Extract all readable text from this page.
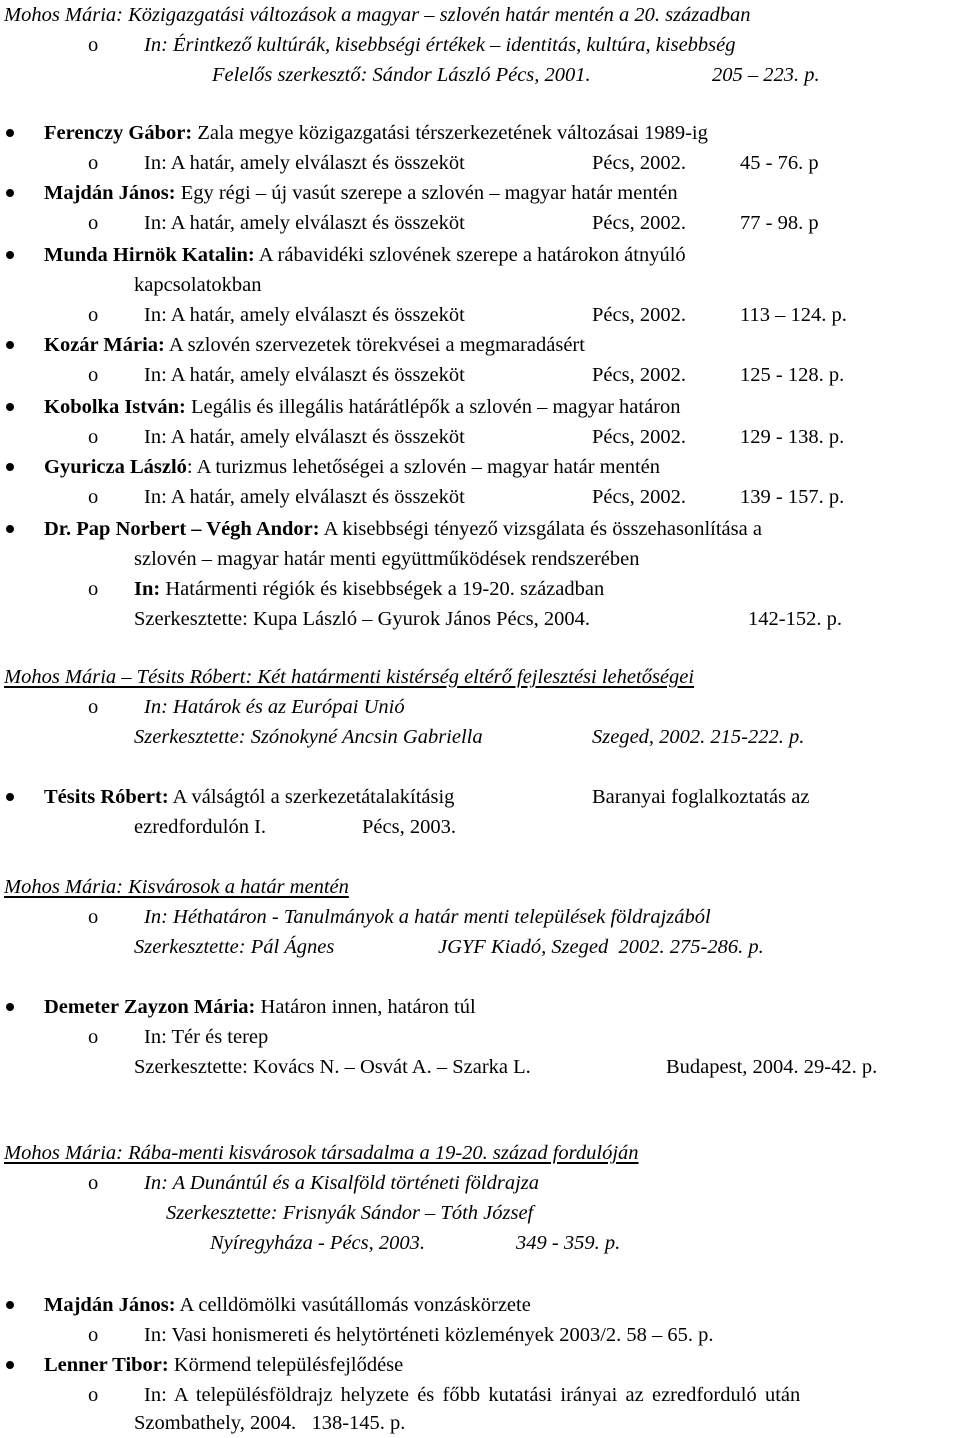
Mohos Mária: Közigazgatási változások a magyar – szlovén határ mentén a 20. században
o In: Érintkező kultúrák, kisebbségi értékek – identitás, kultúra, kisebbség
Felelős szerkesztő: Sándor László Pécs, 2001.	205 – 223. p.
Ferenczy Gábor: Zala megye közigazgatási térszerkezetének változásai 1989-ig
o In: A határ, amely elválaszt és összeköt	Pécs, 2002.	45 - 76. p
Majdán János: Egy régi – új vasút szerepe a szlovén – magyar határ mentén
o In: A határ, amely elválaszt és összeköt	Pécs, 2002.	77 - 98. p
Munda Hirnök Katalin: A rábavidéki szlovének szerepe a határokon átnyúló
kapcsolatokban
o In: A határ, amely elválaszt és összeköt	Pécs, 2002.	113 – 124. p.
Kozár Mária: A szlovén szervezetek törekvései a megmaradásért
o In: A határ, amely elválaszt és összeköt	Pécs, 2002.	125 - 128. p.
Kobolka István: Legális és illegális határátlépők a szlovén – magyar határon
o In: A határ, amely elválaszt és összeköt	Pécs, 2002.	129 - 138. p.
Gyuricza László: A turizmus lehetőségei a szlovén – magyar határ mentén
o In: A határ, amely elválaszt és összeköt	Pécs, 2002.	139 - 157. p.
Dr. Pap Norbert – Végh Andor: A kisebbségi tényező vizsgálata és összehasonlítása a
szlovén – magyar határ menti együttműködések rendszerében
o In: Határmenti régiók és kisebbségek a 19-20. században
Szerkesztette: Kupa László – Gyurok János Pécs, 2004.	142-152. p.
Mohos Mária – Tésits Róbert: Két határmenti kistérség eltérő fejlesztési lehetőségei
o In: Határok és az Európai Unió
Szerkesztette: Szónokyné Ancsin Gabriella	Szeged, 2002. 215-222. p.
Tésits Róbert: A válságtól a szerkezetátalakításig	Baranyai foglalkoztatás az
ezredfordulón I.	Pécs, 2003.
Mohos Mária: Kisvárosok a határ mentén
o In: Héthatáron - Tanulmányok a határ menti települések földrajzából
Szerkesztette: Pál Ágnes	JGYF Kiadó, Szeged  2002. 275-286. p.
Demeter Zayzon Mária: Határon innen, határon túl
o In: Tér és terep
Szerkesztette: Kovács N. – Osvát A. – Szarka L.	Budapest, 2004. 29-42. p.
Mohos Mária: Rába-menti kisvárosok társadalma a 19-20. század fordulóján
o In: A Dunántúl és a Kisalföld történeti földrajza
Szerkesztette: Frisnyák Sándor – Tóth József
Nyíregyháza - Pécs, 2003.	349 - 359. p.
Majdán János: A celldömölki vasútállomás vonzáskörzete
o In: Vasi honismereti és helytörténeti közlemények 2003/2. 58 – 65. p.
Lenner Tibor: Körmend településfejlődése
o In:  A  településföldrajz  helyzete  és  főbb  kutatási  irányai  az  ezredforduló  után
Szombathely, 2004.   138-145. p.
